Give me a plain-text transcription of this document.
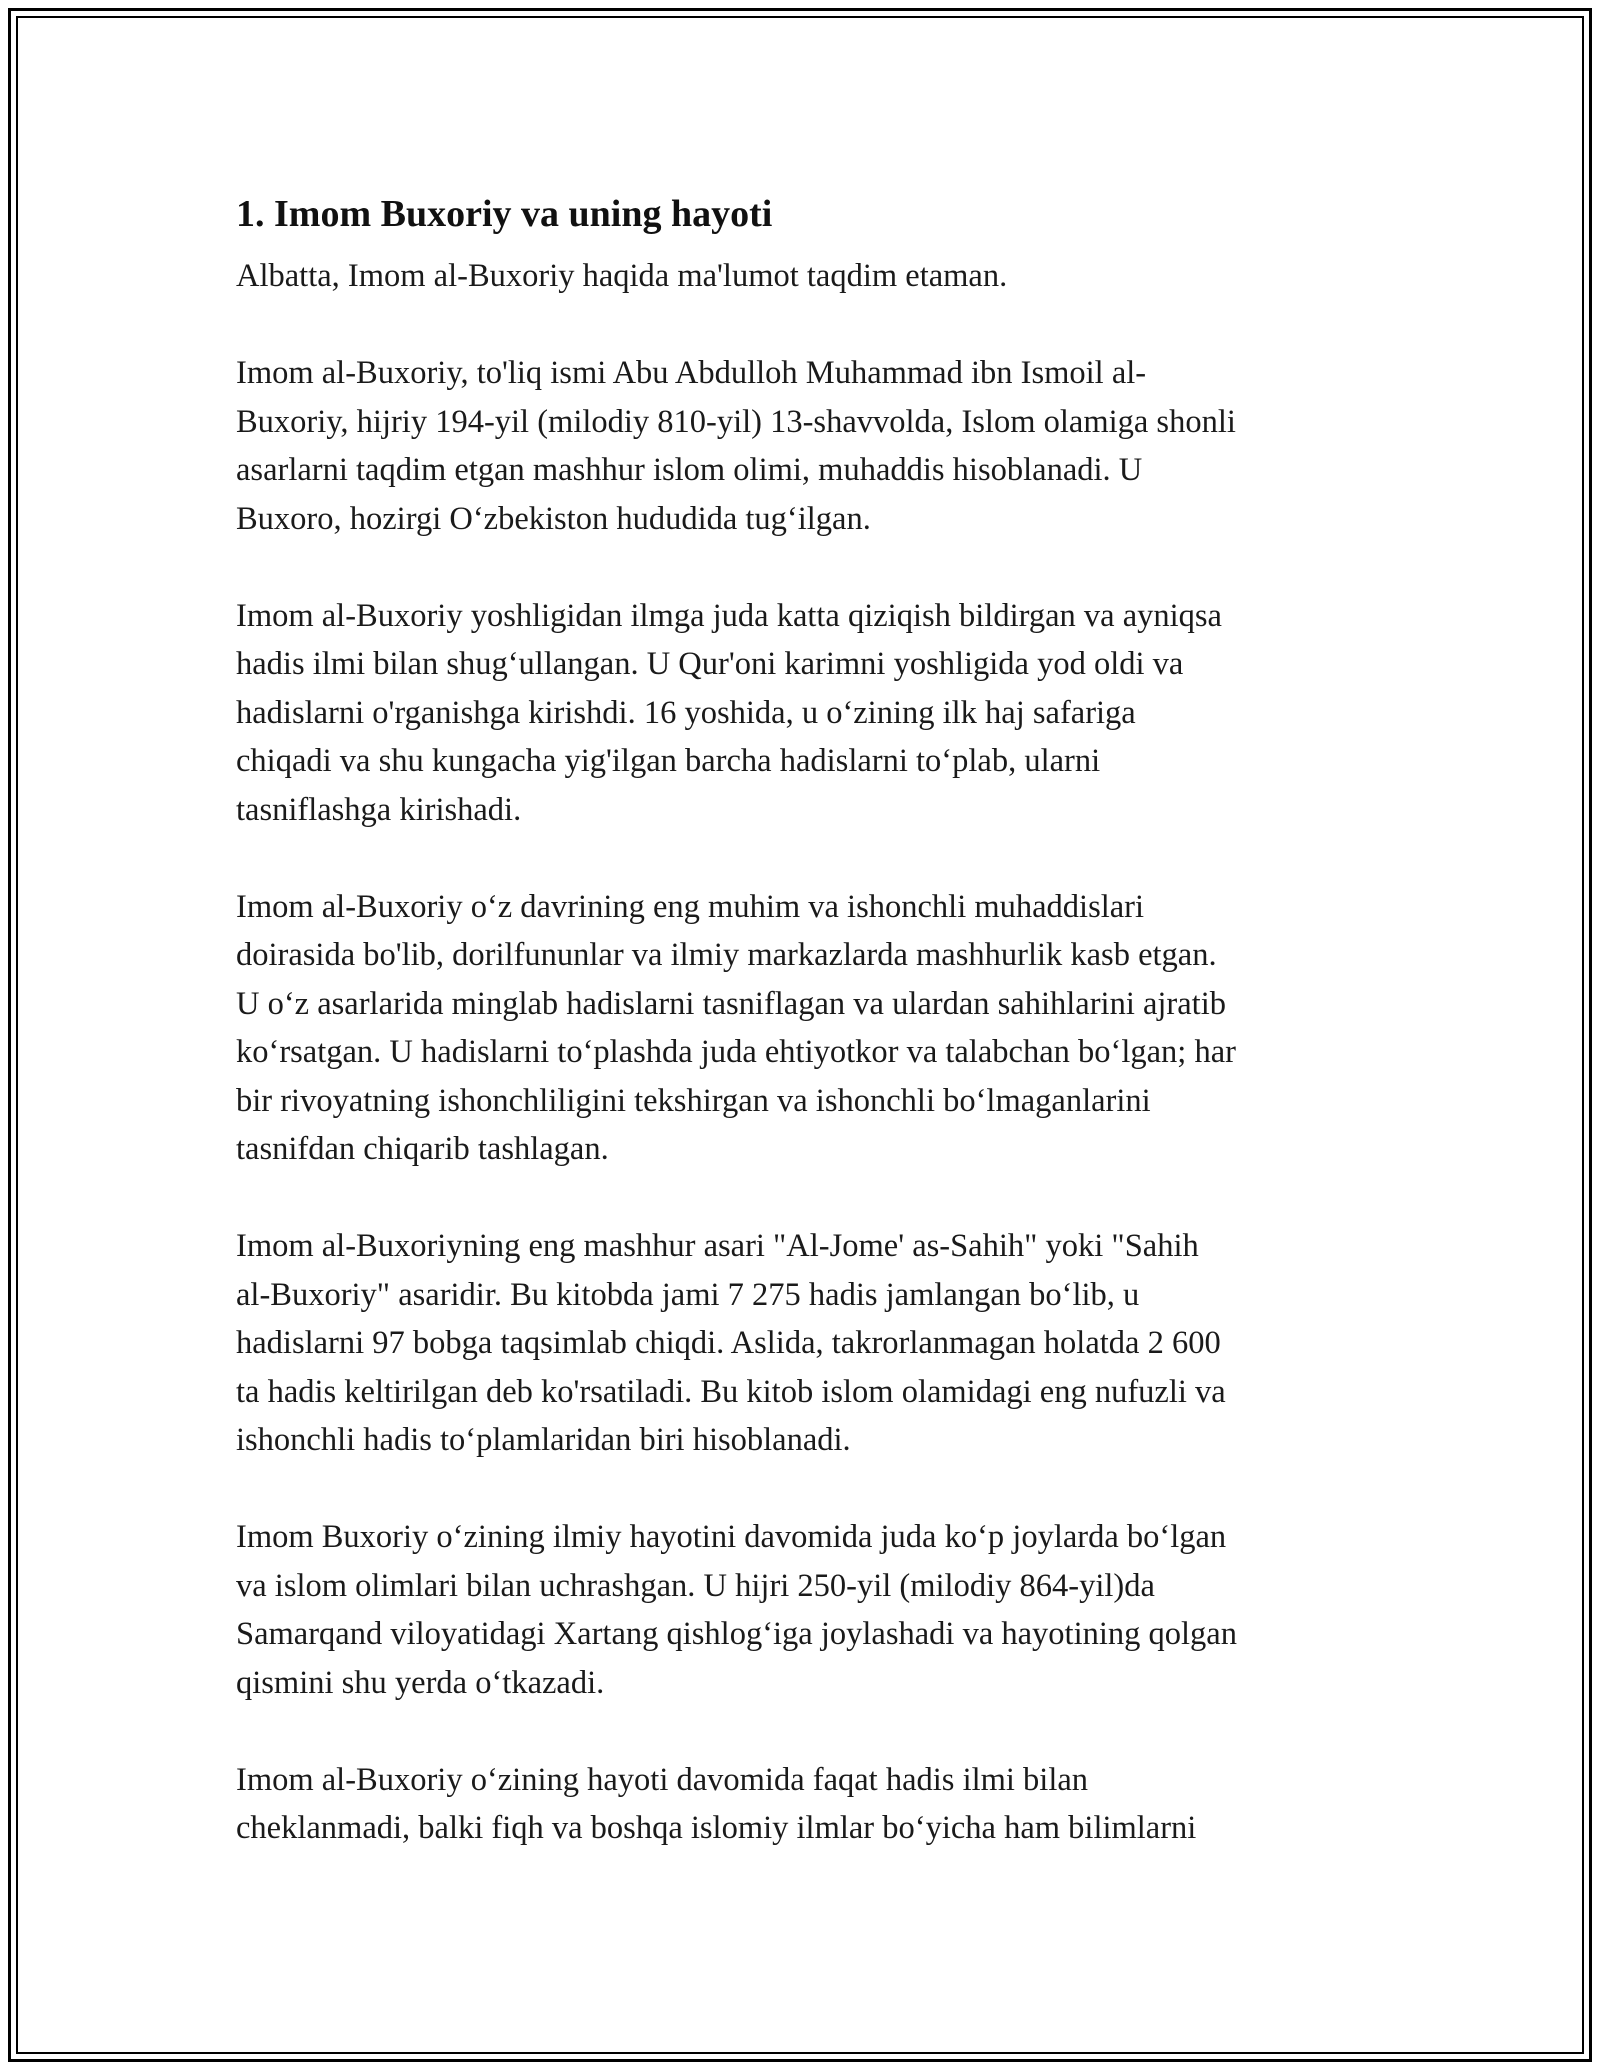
1. Imom Buxoriy va uning hayoti

Albatta, Imom al-Buxoriy haqida ma'lumot taqdim etaman.

Imom al-Buxoriy, to'liq ismi Abu Abdulloh Muhammad ibn Ismoil al-
Buxoriy, hijriy 194-yil (milodiy 810-yil) 13-shavvolda, Islom olamiga shonli
asarlarni taqdim etgan mashhur islom olimi, muhaddis hisoblanadi. U
Buxoro, hozirgi O‘zbekiston hududida tug‘ilgan.

Imom al-Buxoriy yoshligidan ilmga juda katta qiziqish bildirgan va ayniqsa
hadis ilmi bilan shug‘ullangan. U Qur'oni karimni yoshligida yod oldi va
hadislarni o'rganishga kirishdi. 16 yoshida, u o‘zining ilk haj safariga
chiqadi va shu kungacha yig'ilgan barcha hadislarni to‘plab, ularni
tasniflashga kirishadi.

Imom al-Buxoriy o‘z davrining eng muhim va ishonchli muhaddislari
doirasida bo'lib, dorilfununlar va ilmiy markazlarda mashhurlik kasb etgan.
U o‘z asarlarida minglab hadislarni tasniflagan va ulardan sahihlarini ajratib
ko‘rsatgan. U hadislarni to‘plashda juda ehtiyotkor va talabchan bo‘lgan; har
bir rivoyatning ishonchliligini tekshirgan va ishonchli bo‘lmaganlarini
tasnifdan chiqarib tashlagan.

Imom al-Buxoriyning eng mashhur asari "Al-Jome' as-Sahih" yoki "Sahih
al-Buxoriy" asaridir. Bu kitobda jami 7 275 hadis jamlangan bo‘lib, u
hadislarni 97 bobga taqsimlab chiqdi. Aslida, takrorlanmagan holatda 2 600
ta hadis keltirilgan deb ko'rsatiladi. Bu kitob islom olamidagi eng nufuzli va
ishonchli hadis to‘plamlaridan biri hisoblanadi.

Imom Buxoriy o‘zining ilmiy hayotini davomida juda ko‘p joylarda bo‘lgan
va islom olimlari bilan uchrashgan. U hijri 250-yil (milodiy 864-yil)da
Samarqand viloyatidagi Xartang qishlog‘iga joylashadi va hayotining qolgan
qismini shu yerda o‘tkazadi.

Imom al-Buxoriy o‘zining hayoti davomida faqat hadis ilmi bilan
cheklanmadi, balki fiqh va boshqa islomiy ilmlar bo‘yicha ham bilimlarni
